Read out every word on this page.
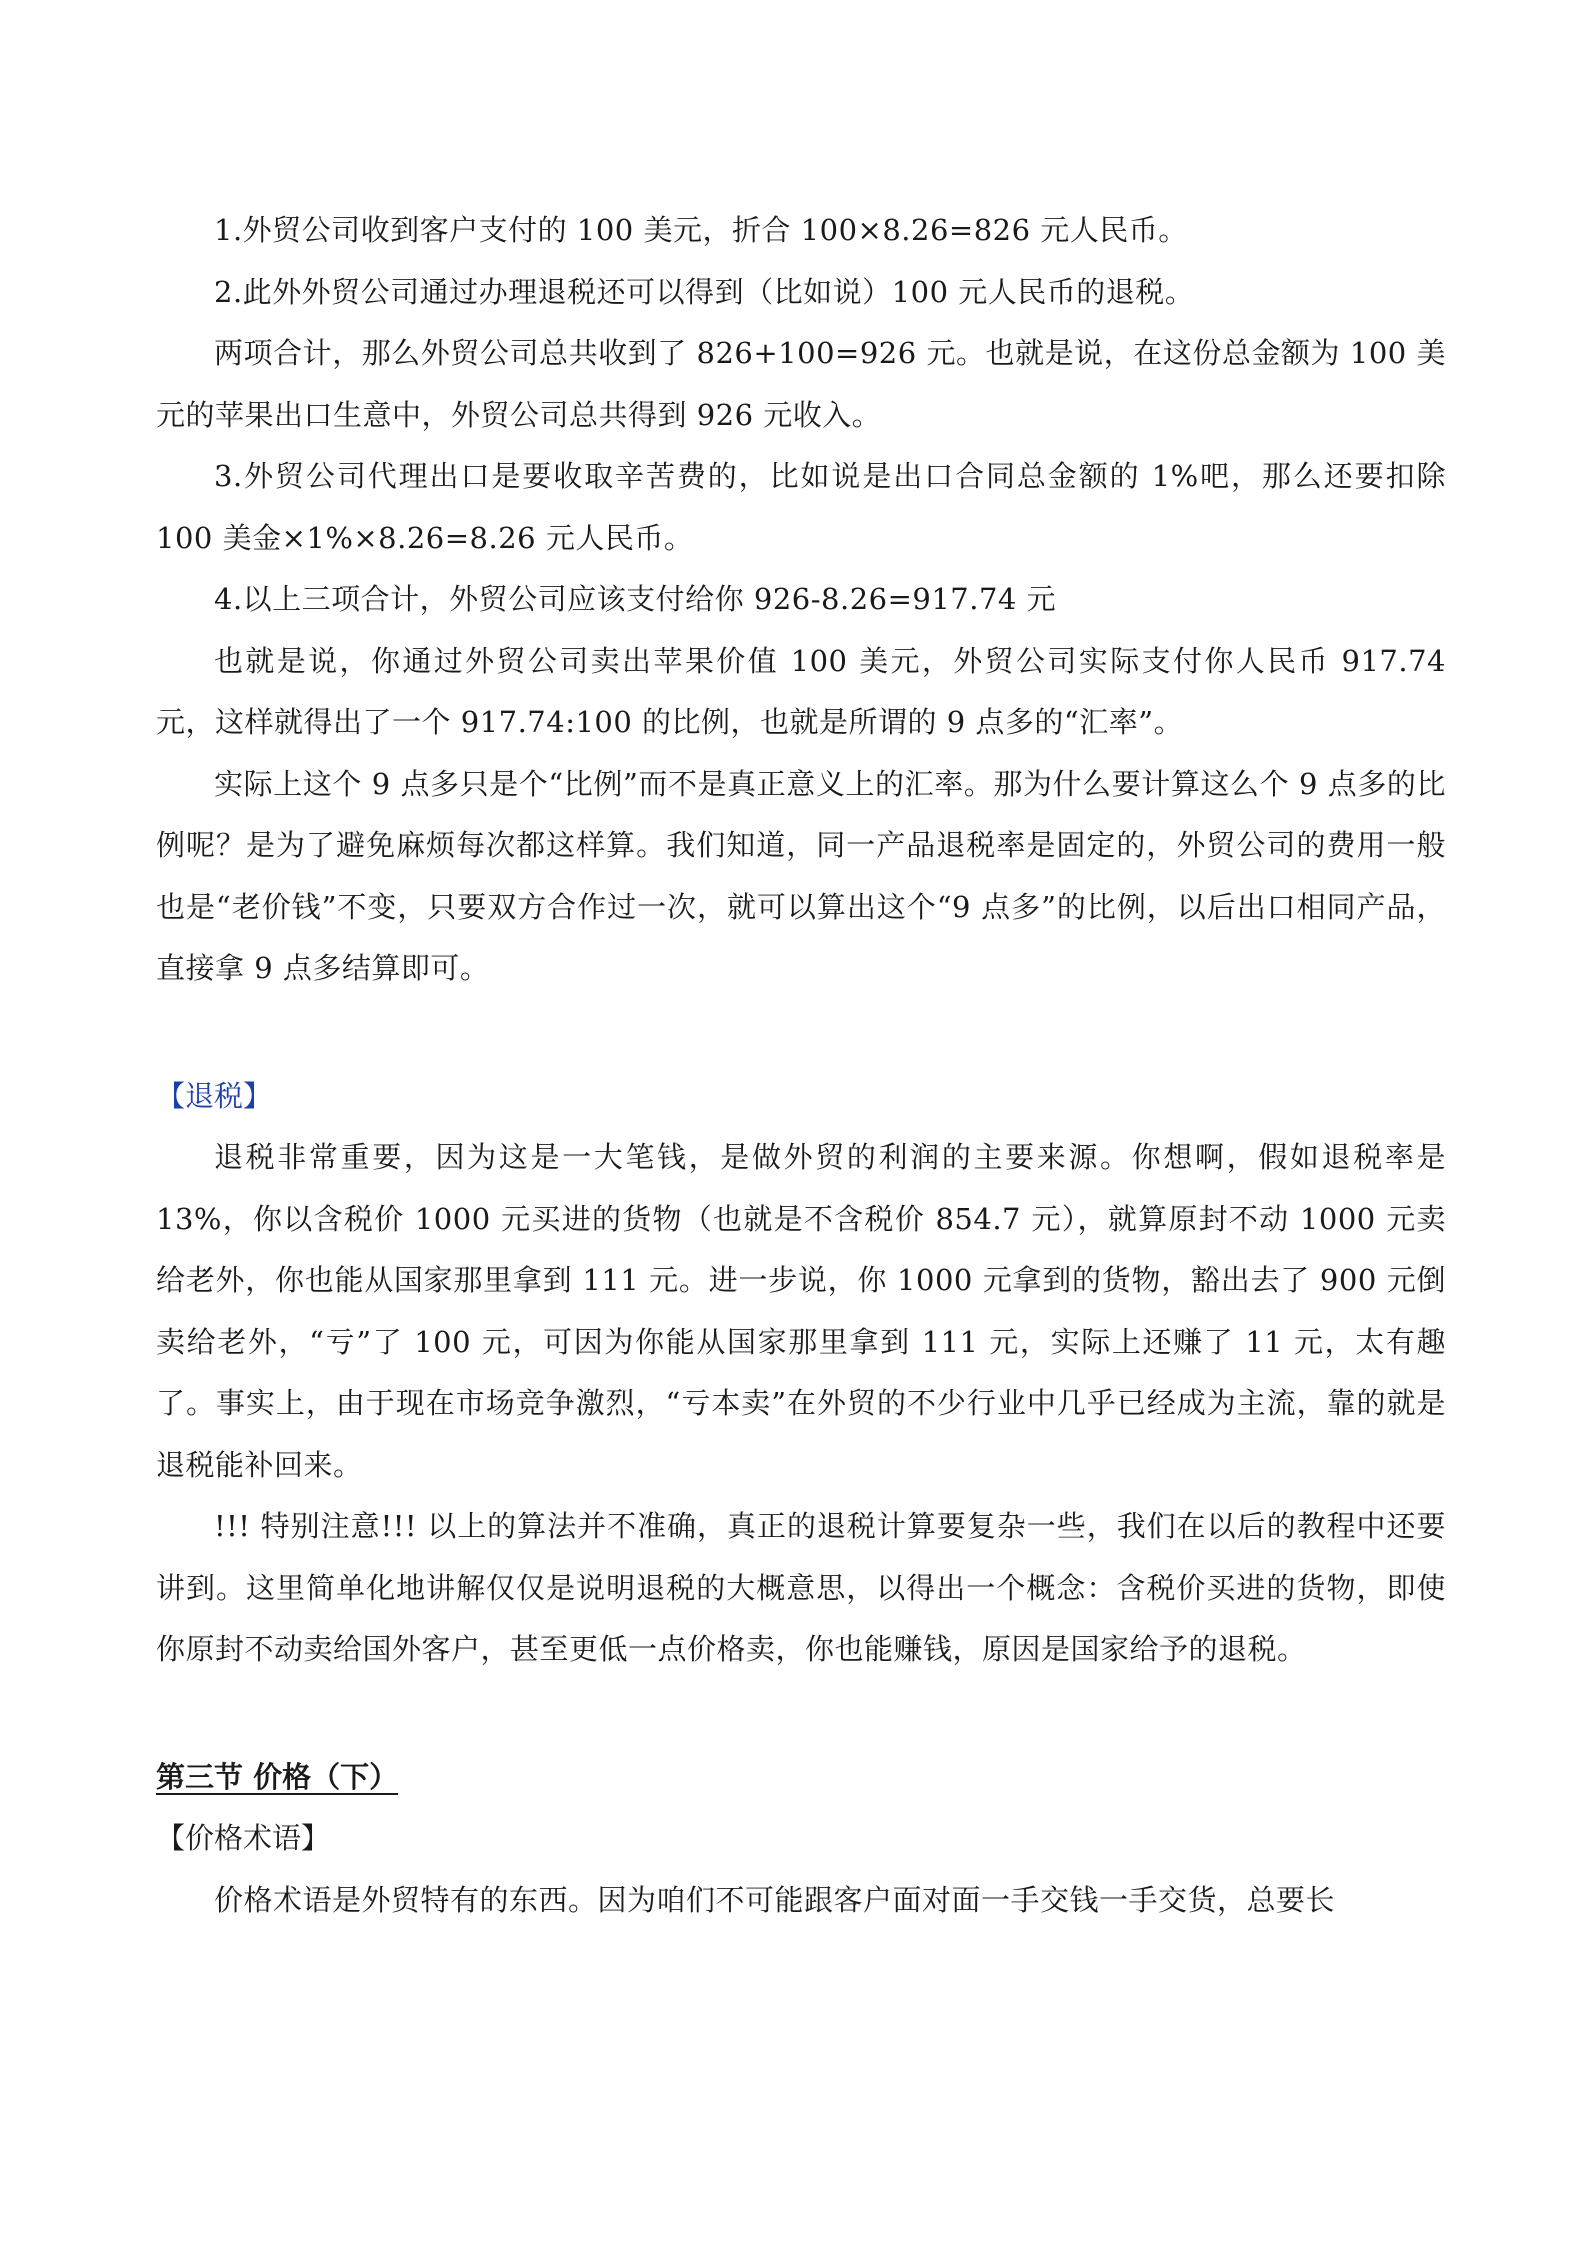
1.外贸公司收到客户支付的 100 美元，折合 100×8.26=826 元人民币。

2.此外外贸公司通过办理退税还可以得到（比如说）100 元人民币的退税。

两项合计，那么外贸公司总共收到了 826+100=926 元。也就是说，在这份总金额为 100 美元的苹果出口生意中，外贸公司总共得到 926 元收入。

3.外贸公司代理出口是要收取辛苦费的，比如说是出口合同总金额的 1%吧，那么还要扣除 100 美金×1%×8.26=8.26 元人民币。

4.以上三项合计，外贸公司应该支付给你 926-8.26=917.74 元

也就是说，你通过外贸公司卖出苹果价值 100 美元，外贸公司实际支付你人民币 917.74 元，这样就得出了一个 917.74:100 的比例，也就是所谓的 9 点多的“汇率”。

实际上这个 9 点多只是个“比例”而不是真正意义上的汇率。那为什么要计算这么个 9 点多的比例呢？是为了避免麻烦每次都这样算。我们知道，同一产品退税率是固定的，外贸公司的费用一般也是“老价钱”不变，只要双方合作过一次，就可以算出这个“9 点多”的比例，以后出口相同产品，直接拿 9 点多结算即可。

【退税】

退税非常重要，因为这是一大笔钱，是做外贸的利润的主要来源。你想啊，假如退税率是 13%，你以含税价 1000 元买进的货物（也就是不含税价 854.7 元），就算原封不动 1000 元卖给老外，你也能从国家那里拿到 111 元。进一步说，你 1000 元拿到的货物，豁出去了 900 元倒卖给老外，“亏”了 100 元，可因为你能从国家那里拿到 111 元，实际上还赚了 11 元，太有趣了。事实上，由于现在市场竞争激烈，“亏本卖”在外贸的不少行业中几乎已经成为主流，靠的就是退税能补回来。

!!! 特别注意!!! 以上的算法并不准确，真正的退税计算要复杂一些，我们在以后的教程中还要讲到。这里简单化地讲解仅仅是说明退税的大概意思，以得出一个概念：含税价买进的货物，即使你原封不动卖给国外客户，甚至更低一点价格卖，你也能赚钱，原因是国家给予的退税。

第三节 价格（下）

【价格术语】

价格术语是外贸特有的东西。因为咱们不可能跟客户面对面一手交钱一手交货，总要长
